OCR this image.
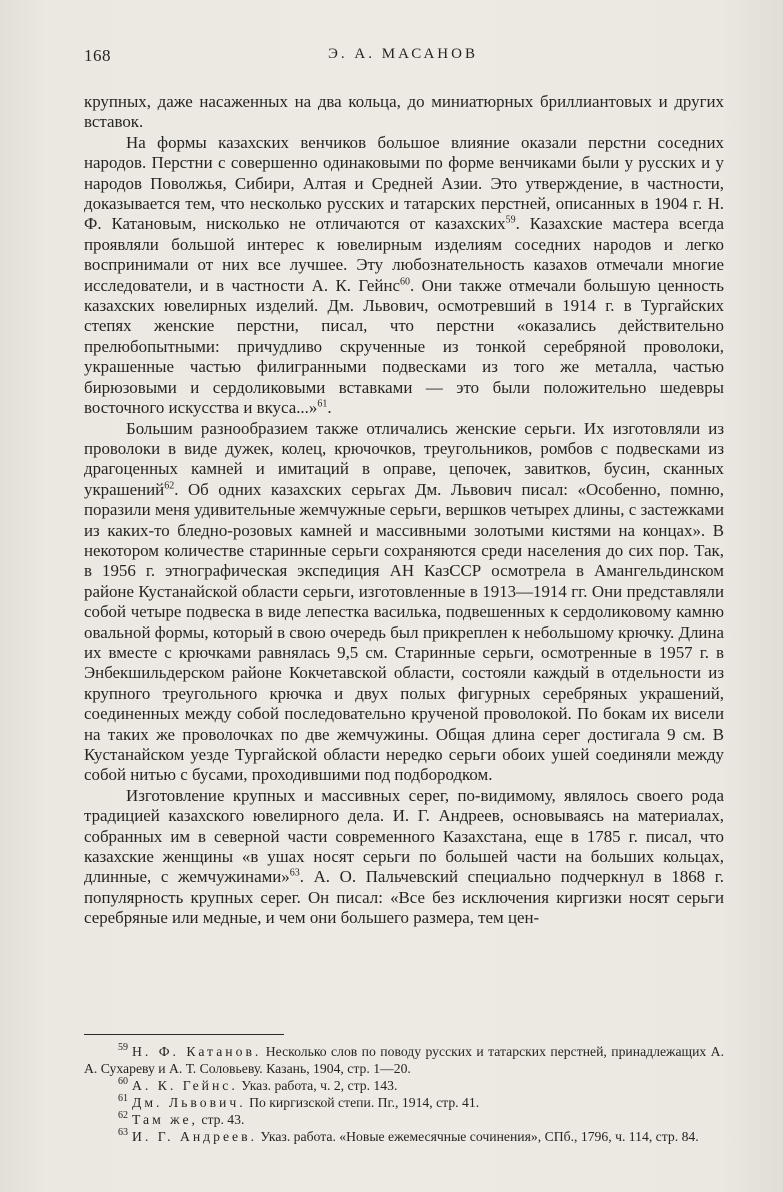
168	Э. А. МАСАНОВ

крупных, даже насаженных на два кольца, до миниатюрных бриллиантовых и других вставок.

На формы казахских венчиков большое влияние оказали перстни соседних народов. Перстни с совершенно одинаковыми по форме венчиками были у русских и у народов Поволжья, Сибири, Алтая и Средней Азии. Это утверждение, в частности, доказывается тем, что несколько русских и татарских перстней, описанных в 1904 г. Н. Ф. Катановым, нисколько не отличаются от казахских$^{59}$. Казахские мастера всегда проявляли большой интерес к ювелирным изделиям соседних народов и легко воспринимали от них все лучшее. Эту любознательность казахов отмечали многие исследователи, и в частности А. К. Гейнс$^{60}$. Они также отмечали большую ценность казахских ювелирных изделий. Дм. Львович, осмотревший в 1914 г. в Тургайских степях женские перстни, писал, что перстни «оказались действительно прелюбопытными: причудливо скрученные из тонкой серебряной проволоки, украшенные частью филигранными подвесками из того же металла, частью бирюзовыми и сердоликовыми вставками — это были положительно шедевры восточного искусства и вкуса...»$^{61}$.

Большим разнообразием также отличались женские серьги. Их изготовляли из проволоки в виде дужек, колец, крючочков, треугольников, ромбов с подвесками из драгоценных камней и имитаций в оправе, цепочек, завитков, бусин, сканных украшений$^{62}$. Об одних казахских серьгах Дм. Львович писал: «Особенно, помню, поразили меня удивительные жемчужные серьги, вершков четырех длины, с застежками из каких-то бледно-розовых камней и массивными золотыми кистями на концах». В некотором количестве старинные серьги сохраняются среди населения до сих пор. Так, в 1956 г. этнографическая экспедиция АН КазССР осмотрела в Амангельдинском районе Кустанайской области серьги, изготовленные в 1913—1914 гг. Они представляли собой четыре подвеска в виде лепестка василька, подвешенных к сердоликовому камню овальной формы, который в свою очередь был прикреплен к небольшому крючку. Длина их вместе с крючками равнялась 9,5 см. Старинные серьги, осмотренные в 1957 г. в Энбекшильдерском районе Кокчетавской области, состояли каждый в отдельности из крупного треугольного крючка и двух полых фигурных серебряных украшений, соединенных между собой последовательно крученой проволокой. По бокам их висели на таких же проволочках по две жемчужины. Общая длина серег достигала 9 см. В Кустанайском уезде Тургайской области нередко серьги обоих ушей соединяли между собой нитью с бусами, проходившими под подбородком.

Изготовление крупных и массивных серег, по-видимому, являлось своего рода традицией казахского ювелирного дела. И. Г. Андреев, основываясь на материалах, собранных им в северной части современного Казахстана, еще в 1785 г. писал, что казахские женщины «в ушах носят серьги по большей части на больших кольцах, длинные, с жемчужинами»$^{63}$. А. О. Пальчевский специально подчеркнул в 1868 г. популярность крупных серег. Он писал: «Все без исключения киргизки носят серьги серебряные или медные, и чем они большего размера, тем цен-

$^{59}$ Н. Ф. Катанов. Несколько слов по поводу русских и татарских перстней, принадлежащих А. А. Сухареву и А. Т. Соловьеву. Казань, 1904, стр. 1—20.

$^{60}$ А. К. Гейнс. Указ. работа, ч. 2, стр. 143.

$^{61}$ Дм. Львович. По киргизской степи. Пг., 1914, стр. 41.

$^{62}$ Там же, стр. 43.

$^{63}$ И. Г. Андреев. Указ. работа. «Новые ежемесячные сочинения», СПб., 1796, ч. 114, стр. 84.
